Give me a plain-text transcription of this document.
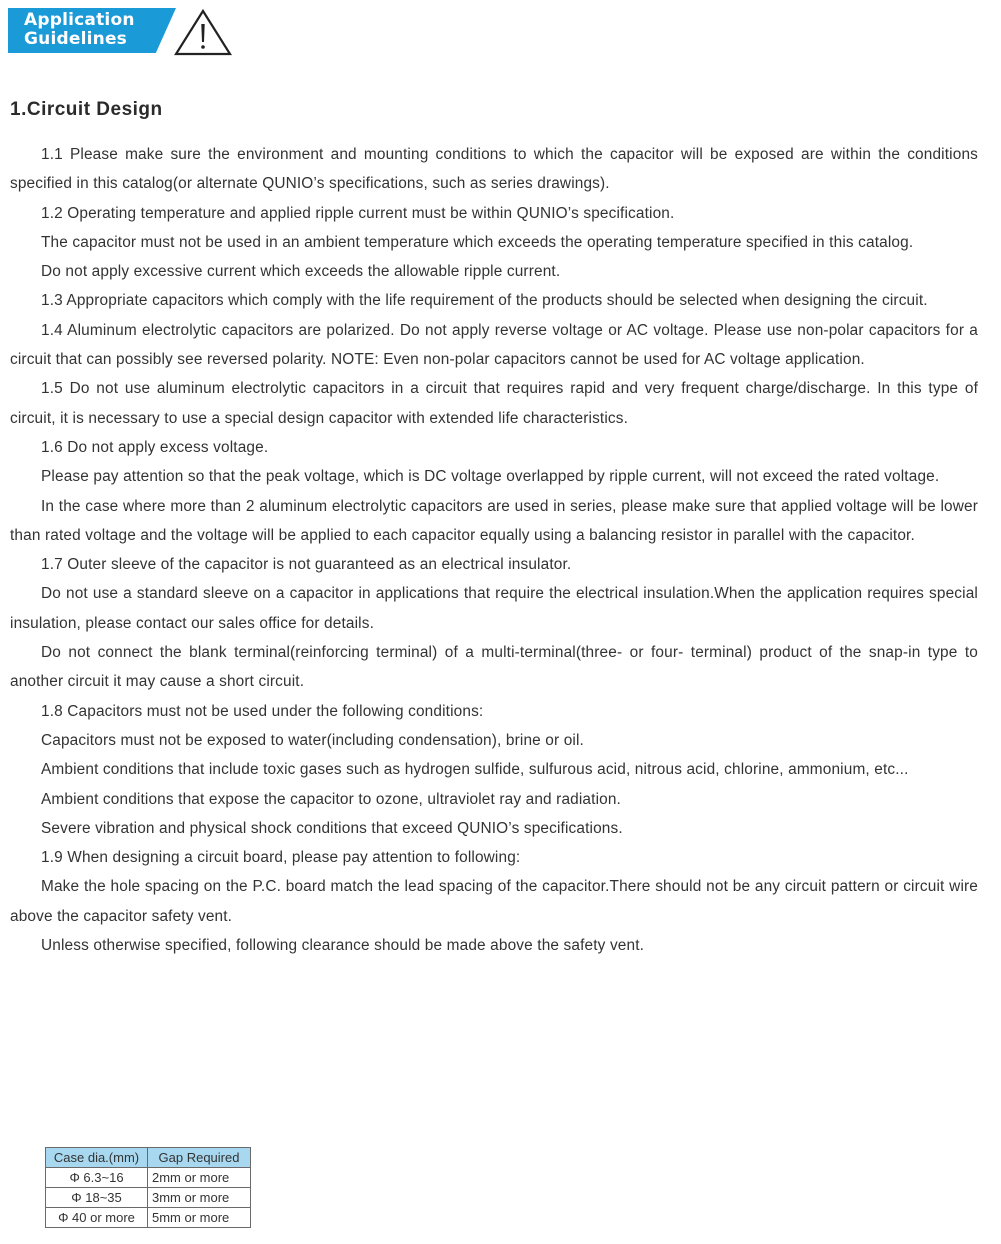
Application
Guidelines
1.Circuit Design

1.1 Please make sure the environment and mounting conditions to which the capacitor will be exposed are within the conditions specified in this catalog(or alternate QUNIO’s specifications, such as series drawings).

1.2 Operating temperature and applied ripple current must be within QUNIO’s specification.

The capacitor must not be used in an ambient temperature which exceeds the operating temperature specified in this catalog.

Do not apply excessive current which exceeds the allowable ripple current.

1.3 Appropriate capacitors which comply with the life requirement of the products should be selected when designing the circuit.

1.4 Aluminum electrolytic capacitors are polarized. Do not apply reverse voltage or AC voltage. Please use non-polar capacitors for a circuit that can possibly see reversed polarity. NOTE: Even non-polar capacitors cannot be used for AC voltage application.

1.5 Do not use aluminum electrolytic capacitors in a circuit that requires rapid and very frequent charge/discharge. In this type of circuit, it is necessary to use a special design capacitor with extended life characteristics.

1.6 Do not apply excess voltage.

Please pay attention so that the peak voltage, which is DC voltage overlapped by ripple current, will not exceed the rated voltage.

In the case where more than 2 aluminum electrolytic capacitors are used in series, please make sure that applied voltage will be lower than rated voltage and the voltage will be applied to each capacitor equally using a balancing resistor in parallel with the capacitor.

1.7 Outer sleeve of the capacitor is not guaranteed as an electrical insulator.

Do not use a standard sleeve on a capacitor in applications that require the electrical insulation.When the application requires special insulation, please contact our sales office for details.

Do not connect the blank terminal(reinforcing terminal) of a multi-terminal(three- or four- terminal) product of the snap-in type to another circuit it may cause a short circuit.

1.8 Capacitors must not be used under the following conditions:

Capacitors must not be exposed to water(including condensation), brine or oil.

Ambient conditions that include toxic gases such as hydrogen sulfide, sulfurous acid, nitrous acid, chlorine, ammonium, etc...

Ambient conditions that expose the capacitor to ozone, ultraviolet ray and radiation.

Severe vibration and physical shock conditions that exceed QUNIO’s specifications.

1.9 When designing a circuit board, please pay attention to following:

Make the hole spacing on the P.C. board match the lead spacing of the capacitor.There should not be any circuit pattern or circuit wire above the capacitor safety vent.

Unless otherwise specified, following clearance should be made above the safety vent.

Case dia.(mm)	Gap Required
Φ 6.3~16	2mm or more
Φ 18~35	3mm or more
Φ 40 or more	5mm or more
